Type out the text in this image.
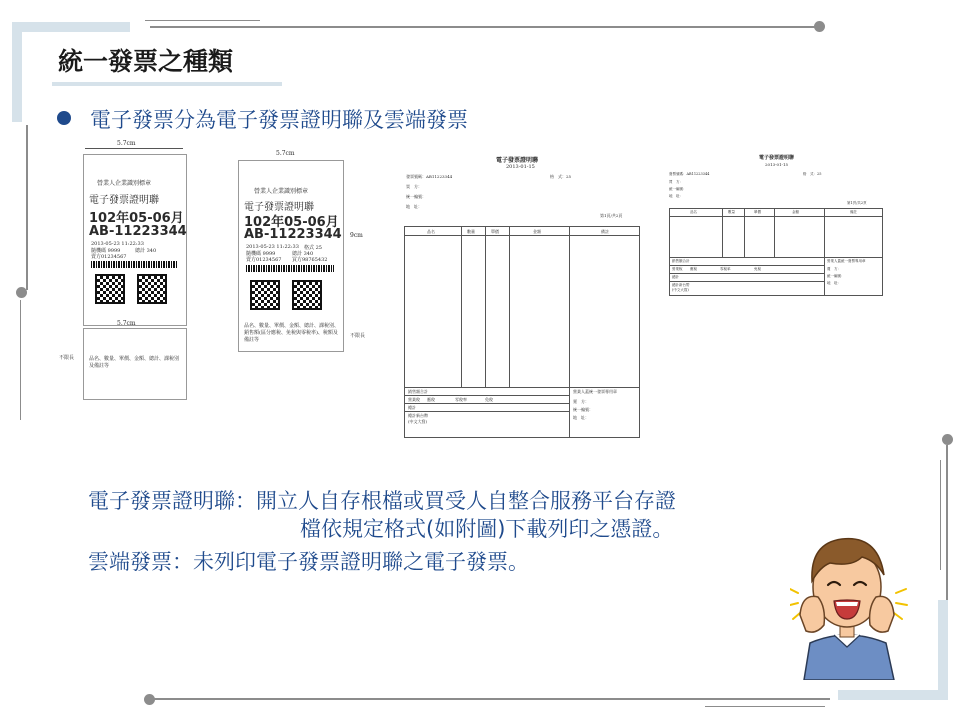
統一發票之種類
電子發票分為電子發票證明聯及雲端發票
5.7cm
營業人企業識別標章
電子發票證明聯
102年05-06月
AB-11223344
2013-05-23 11:22:33
隨機碼 9999	總計 340
賣方01234567
5.7cm
品名、數量、單價、金額、總計、課稅別及備註等
不限長
5.7cm
營業人企業識別標章
電子發票證明聯
102年05-06月
AB-11223344
2013-05-23 11:22:33 格式 25
隨機碼 9999	總計 340
賣方01234567 買方98765432
品名、數量、單價、金額、總計、課稅別、銷售額(區分應稅、免稅與零稅率)、稅額及備註等
9cm
不限長
電子發票證明聯
2013-01-15
發票號碼：AB11223344	格　式：25
買　方：
統一編號：
地　址：
第1頁/共2頁
品名	數量	單價	金額	備註
銷售額合計
營業稅 應稅	零稅率	免稅
總計
總計新台幣
(中文大寫)
營業人蓋統一發票專用章
賣　方：
統一編號：
地　址：
電子發票證明聯
2013-01-15
發票號碼：AB11223344	格　式：25
買　方：
統一編號：
地　址：
第1頁/共2頁
品名	數量	單價	金額	備註
銷售額合計
營業稅 應稅	零稅率	免稅
總計
總計新台幣
(中文大寫)
營業人蓋統一發票專用章
賣　方：
統一編號：
地　址：
電子發票證明聯：開立人自存根檔或買受人自整合服務平台存證
檔依規定格式(如附圖)下載列印之憑證。
雲端發票：未列印電子發票證明聯之電子發票。
